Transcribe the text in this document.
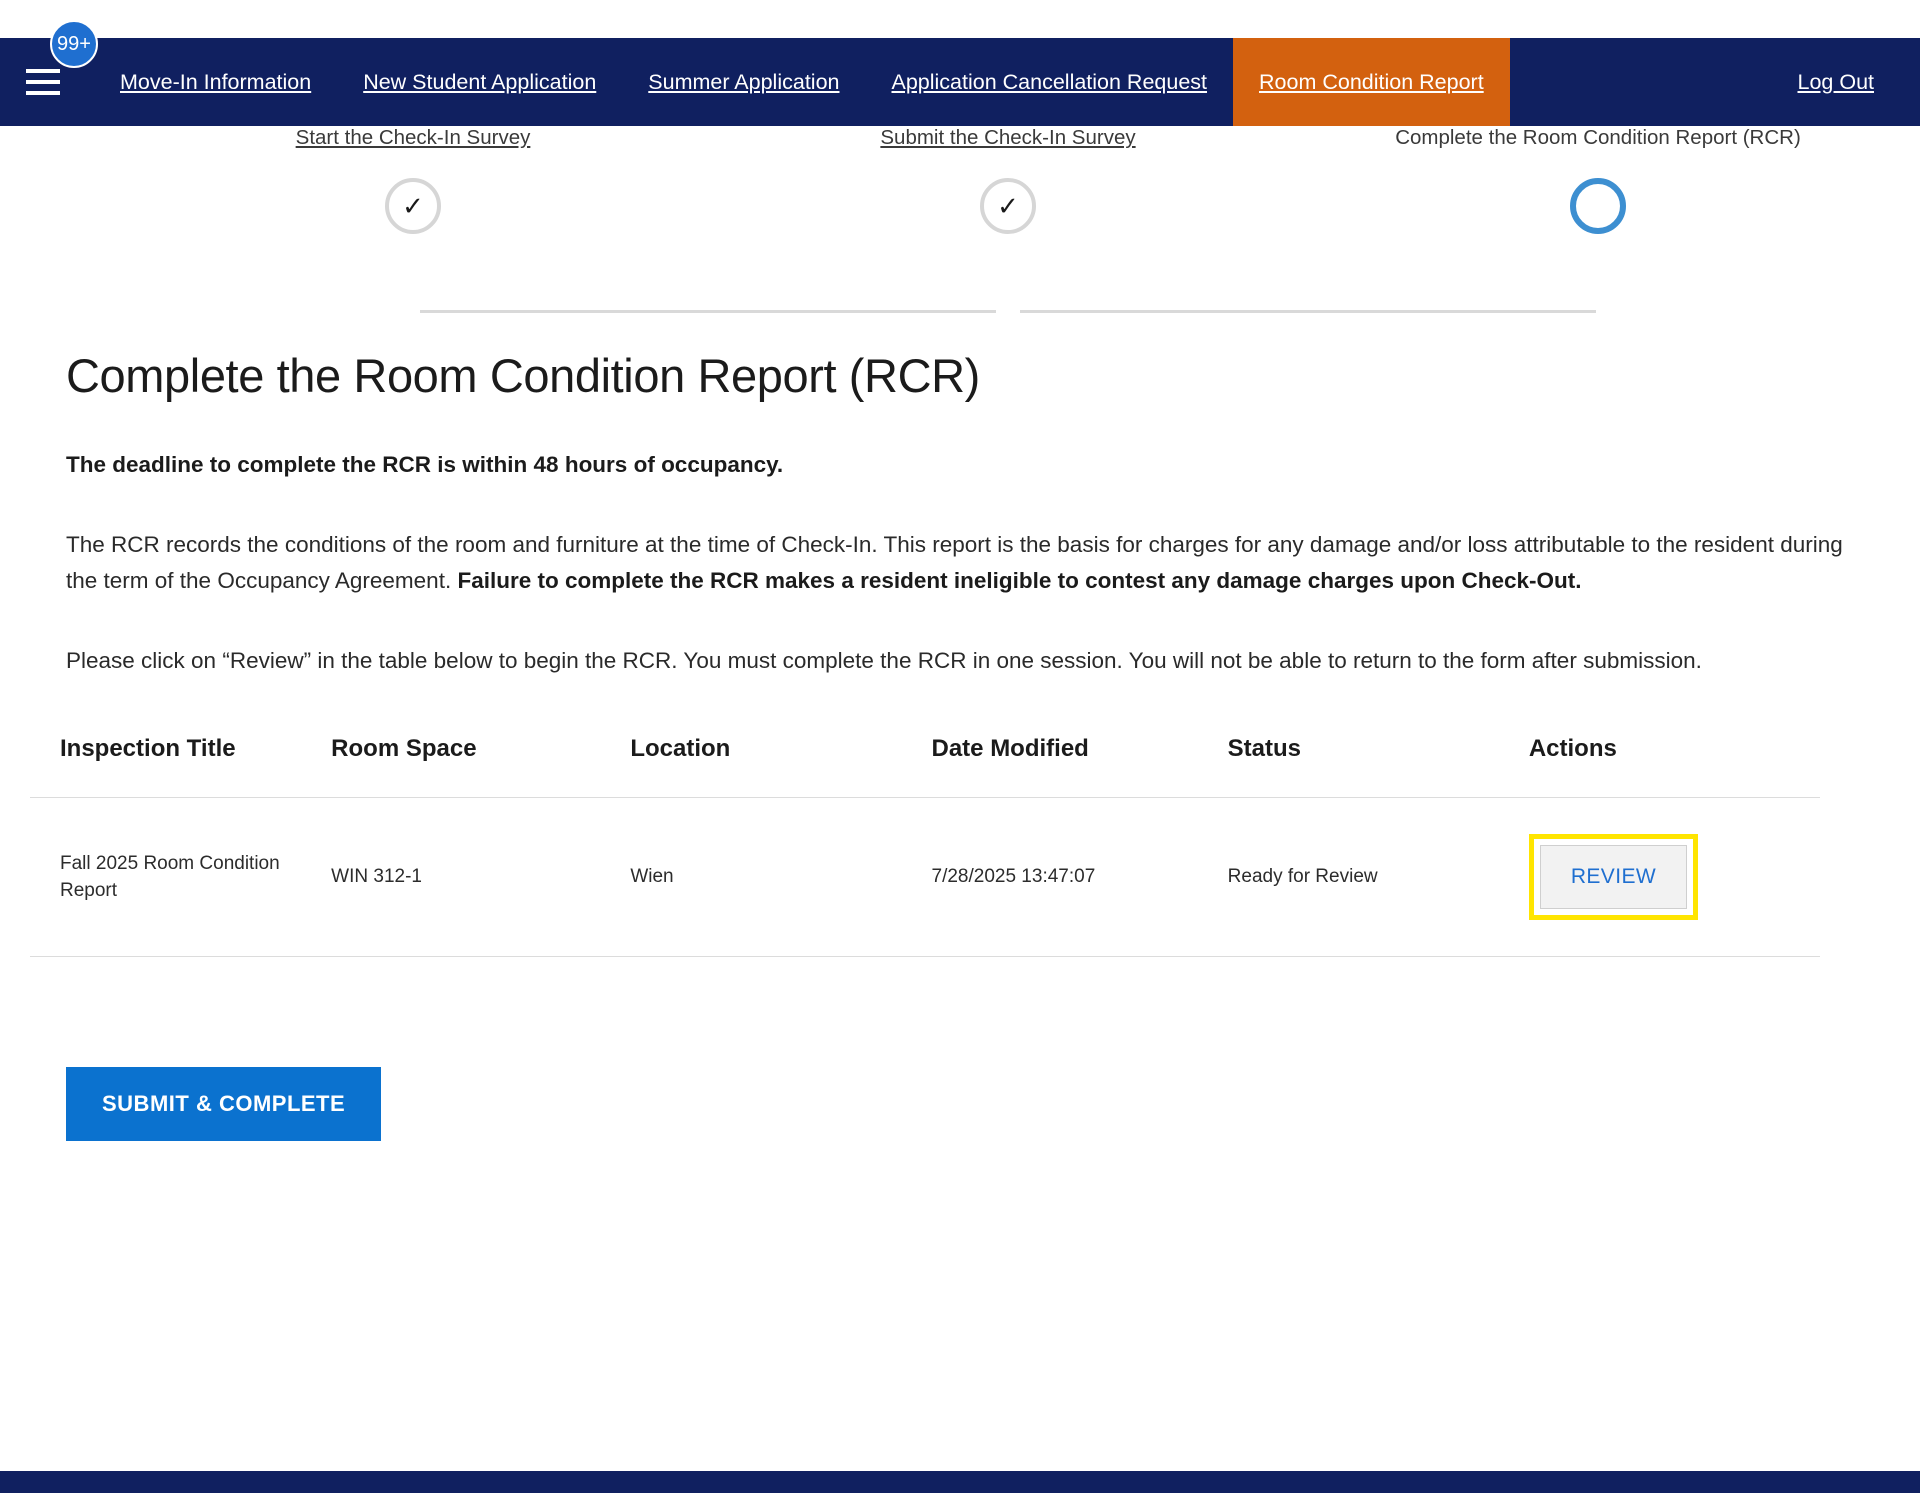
99+
Move-In Information	New Student Application	Summer Application	Application Cancellation Request	Room Condition Report	Log Out
Start the Check-In Survey
✓
Submit the Check-In Survey
✓
Complete the Room Condition Report (RCR)
Complete the Room Condition Report (RCR)

The deadline to complete the RCR is within 48 hours of occupancy.

The RCR records the conditions of the room and furniture at the time of Check-In. This report is the basis for charges for any damage and/or loss attributable to the resident during the term of the Occupancy Agreement. Failure to complete the RCR makes a resident ineligible to contest any damage charges upon Check-Out.

Please click on “Review” in the table below to begin the RCR. You must complete the RCR in one session. You will not be able to return to the form after submission.

Inspection Title	Room Space	Location	Date Modified	Status	Actions
Fall 2025 Room Condition Report	WIN 312-1	Wien	7/28/2025 13:47:07	Ready for Review	REVIEW
SUBMIT & COMPLETE
